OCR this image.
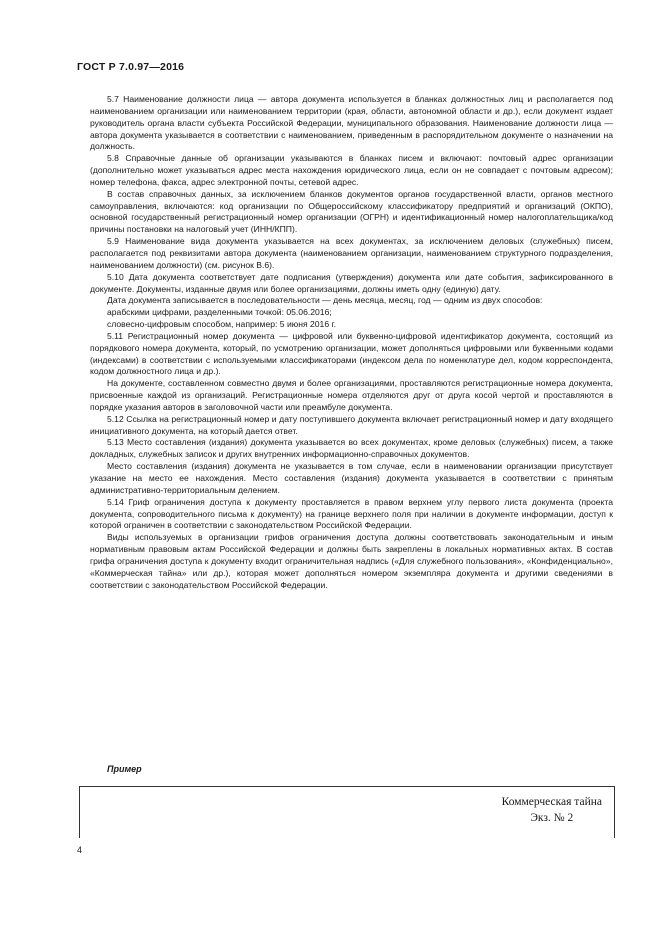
ГОСТ Р 7.0.97—2016

5.7 Наименование должности лица — автора документа используется в бланках должностных лиц и располагается под наименованием организации или наименованием территории (края, области, автономной области и др.), если документ издает руководитель органа власти субъекта Российской Федерации, муниципального образования. Наименование должности лица — автора документа указывается в соответствии с наименованием, приведенным в распорядительном документе о назначении на должность.

5.8 Справочные данные об организации указываются в бланках писем и включают: почтовый адрес организации (дополнительно может указываться адрес места нахождения юридического лица, если он не совпадает с почтовым адресом); номер телефона, факса, адрес электронной почты, сетевой адрес.

В состав справочных данных, за исключением бланков документов органов государственной власти, органов местного самоуправления, включаются: код организации по Общероссийскому классификатору предприятий и организаций (ОКПО), основной государственный регистрационный номер организации (ОГРН) и идентификационный номер налогоплательщика/код причины постановки на налоговый учет (ИНН/КПП).

5.9 Наименование вида документа указывается на всех документах, за исключением деловых (служебных) писем, располагается под реквизитами автора документа (наименованием организации, наименованием структурного подразделения, наименованием должности) (см. рисунок В.6).

5.10 Дата документа соответствует дате подписания (утверждения) документа или дате события, зафиксированного в документе. Документы, изданные двумя или более организациями, должны иметь одну (единую) дату.

Дата документа записывается в последовательности — день месяца, месяц, год — одним из двух способов:

арабскими цифрами, разделенными точкой: 05.06.2016;

словесно-цифровым способом, например: 5 июня 2016 г.

5.11 Регистрационный номер документа — цифровой или буквенно-цифровой идентификатор документа, состоящий из порядкового номера документа, который, по усмотрению организации, может дополняться цифровыми или буквенными кодами (индексами) в соответствии с используемыми классификаторами (индексом дела по номенклатуре дел, кодом корреспондента, кодом должностного лица и др.).

На документе, составленном совместно двумя и более организациями, проставляются регистрационные номера документа, присвоенные каждой из организаций. Регистрационные номера отделяются друг от друга косой чертой и проставляются в порядке указания авторов в заголовочной части или преамбуле документа.

5.12 Ссылка на регистрационный номер и дату поступившего документа включает регистрационный номер и дату входящего инициативного документа, на который дается ответ.

5.13 Место составления (издания) документа указывается во всех документах, кроме деловых (служебных) писем, а также докладных, служебных записок и других внутренних информационно-справочных документов.

Место составления (издания) документа не указывается в том случае, если в наименовании организации присутствует указание на место ее нахождения. Место составления (издания) документа указывается в соответствии с принятым административно-территориальным делением.

5.14 Гриф ограничения доступа к документу проставляется в правом верхнем углу первого листа документа (проекта документа, сопроводительного письма к документу) на границе верхнего поля при наличии в документе информации, доступ к которой ограничен в соответствии с законодательством Российской Федерации.

Виды используемых в организации грифов ограничения доступа должны соответствовать законодательным и иным нормативным правовым актам Российской Федерации и должны быть закреплены в локальных нормативных актах. В состав грифа ограничения доступа к документу входит ограничительная надпись («Для служебного пользования», «Конфиденциально», «Коммерческая тайна» или др.), которая может дополняться номером экземпляра документа и другими сведениями в соответствии с законодательством Российской Федерации.

Пример
Коммерческая тайна
Экз. № 2
4
